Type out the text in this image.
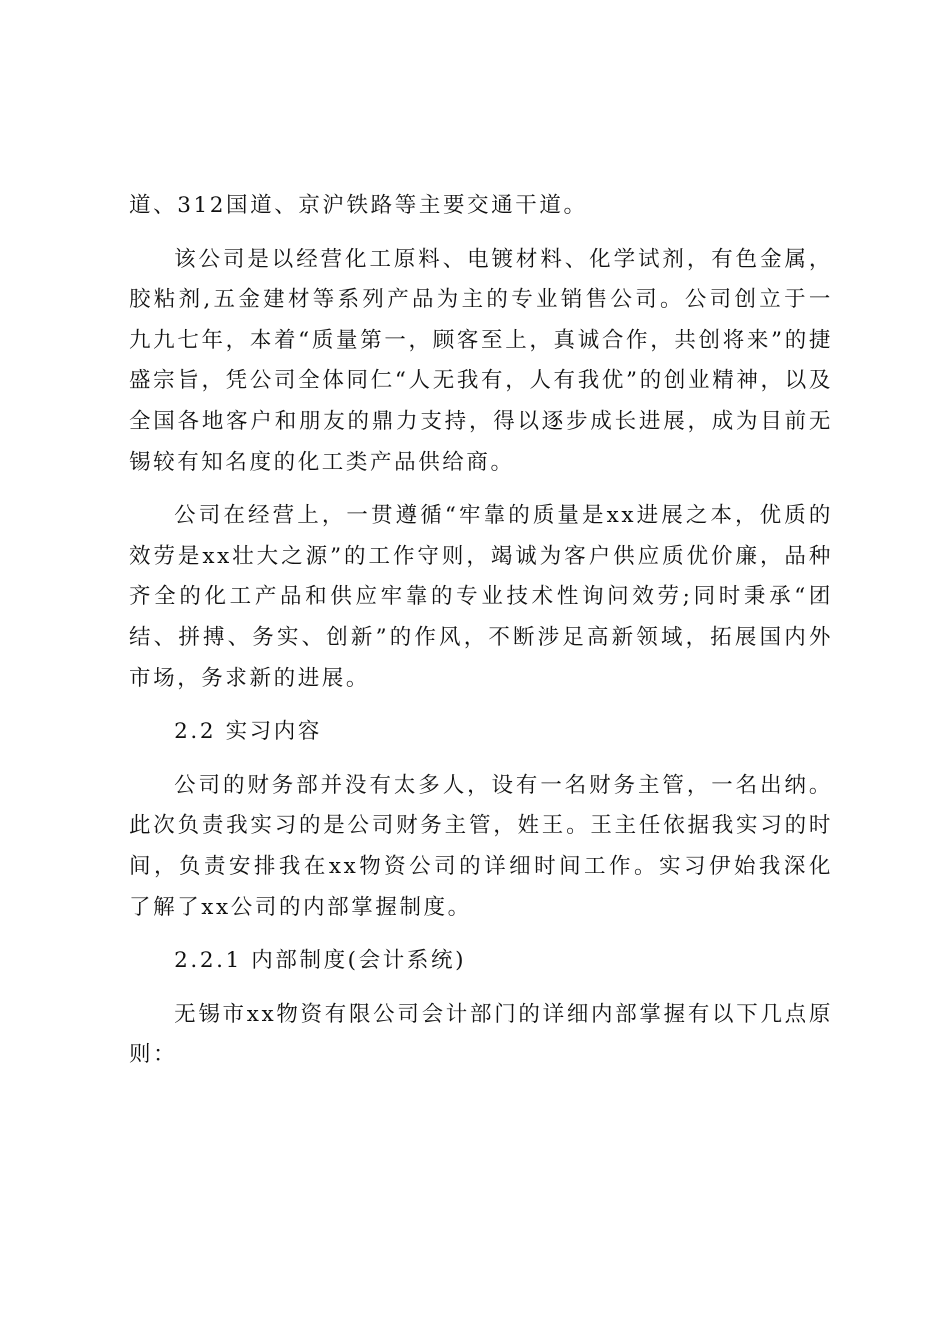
道、312国道、京沪铁路等主要交通干道。

该公司是以经营化工原料、电镀材料、化学试剂，有色金属，胶粘剂,五金建材等系列产品为主的专业销售公司。公司创立于一九九七年，本着“质量第一，顾客至上，真诚合作，共创将来”的捷盛宗旨，凭公司全体同仁“人无我有，人有我优”的创业精神，以及全国各地客户和朋友的鼎力支持，得以逐步成长进展，成为目前无锡较有知名度的化工类产品供给商。

公司在经营上，一贯遵循“牢靠的质量是xx进展之本，优质的效劳是xx壮大之源”的工作守则，竭诚为客户供应质优价廉，品种齐全的化工产品和供应牢靠的专业技术性询问效劳;同时秉承“团结、拼搏、务实、创新”的作风，不断涉足高新领域，拓展国内外市场，务求新的进展。

2.2 实习内容

公司的财务部并没有太多人，设有一名财务主管，一名出纳。此次负责我实习的是公司财务主管，姓王。王主任依据我实习的时间，负责安排我在xx物资公司的详细时间工作。实习伊始我深化了解了xx公司的内部掌握制度。

2.2.1 内部制度(会计系统)

无锡市xx物资有限公司会计部门的详细内部掌握有以下几点原则：
